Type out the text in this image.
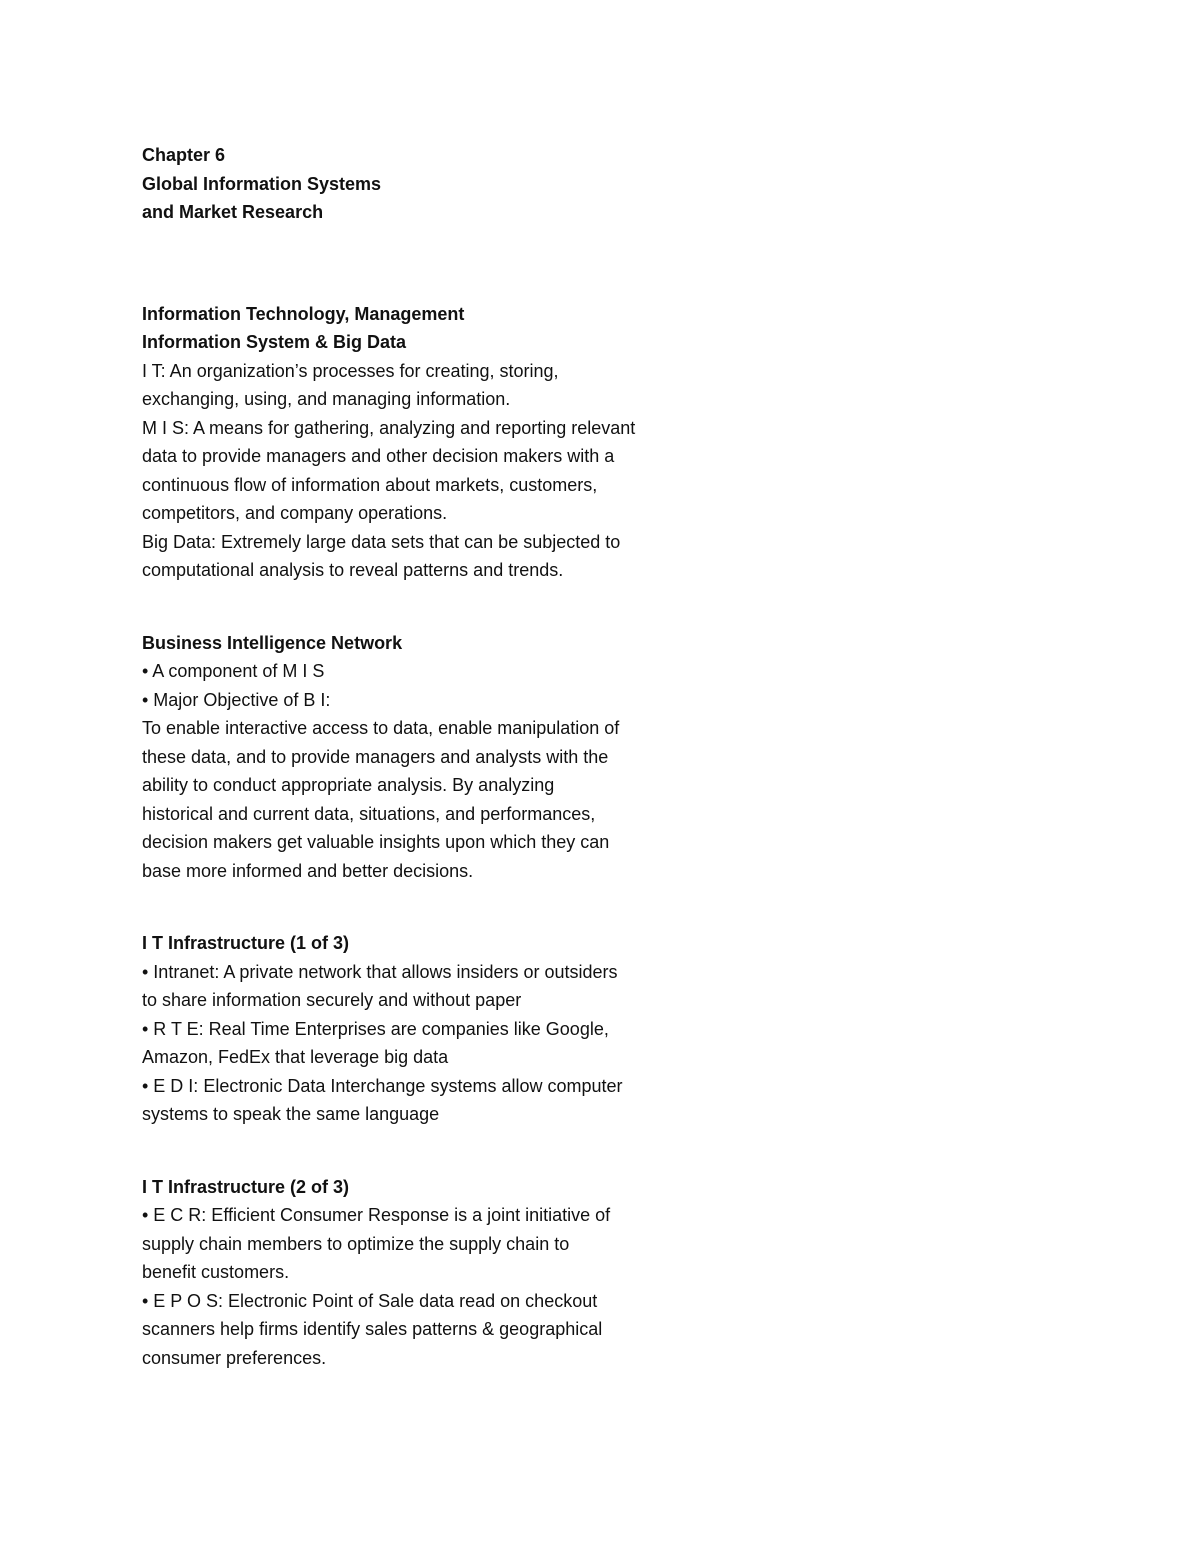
Chapter 6
Global Information Systems
and Market Research
Information Technology, Management
Information System & Big Data
I T: An organization’s processes for creating, storing,
exchanging, using, and managing information.
M I S: A means for gathering, analyzing and reporting relevant
data to provide managers and other decision makers with a
continuous flow of information about markets, customers,
competitors, and company operations.
Big Data: Extremely large data sets that can be subjected to
computational analysis to reveal patterns and trends.
Business Intelligence Network
• A component of M I S
• Major Objective of B I:
To enable interactive access to data, enable manipulation of
these data, and to provide managers and analysts with the
ability to conduct appropriate analysis. By analyzing
historical and current data, situations, and performances,
decision makers get valuable insights upon which they can
base more informed and better decisions.
I T Infrastructure (1 of 3)
• Intranet: A private network that allows insiders or outsiders
to share information securely and without paper
• R T E: Real Time Enterprises are companies like Google,
Amazon, FedEx that leverage big data
• E D I: Electronic Data Interchange systems allow computer
systems to speak the same language
I T Infrastructure (2 of 3)
• E C R: Efficient Consumer Response is a joint initiative of
supply chain members to optimize the supply chain to
benefit customers.
• E P O S: Electronic Point of Sale data read on checkout
scanners help firms identify sales patterns & geographical
consumer preferences.
